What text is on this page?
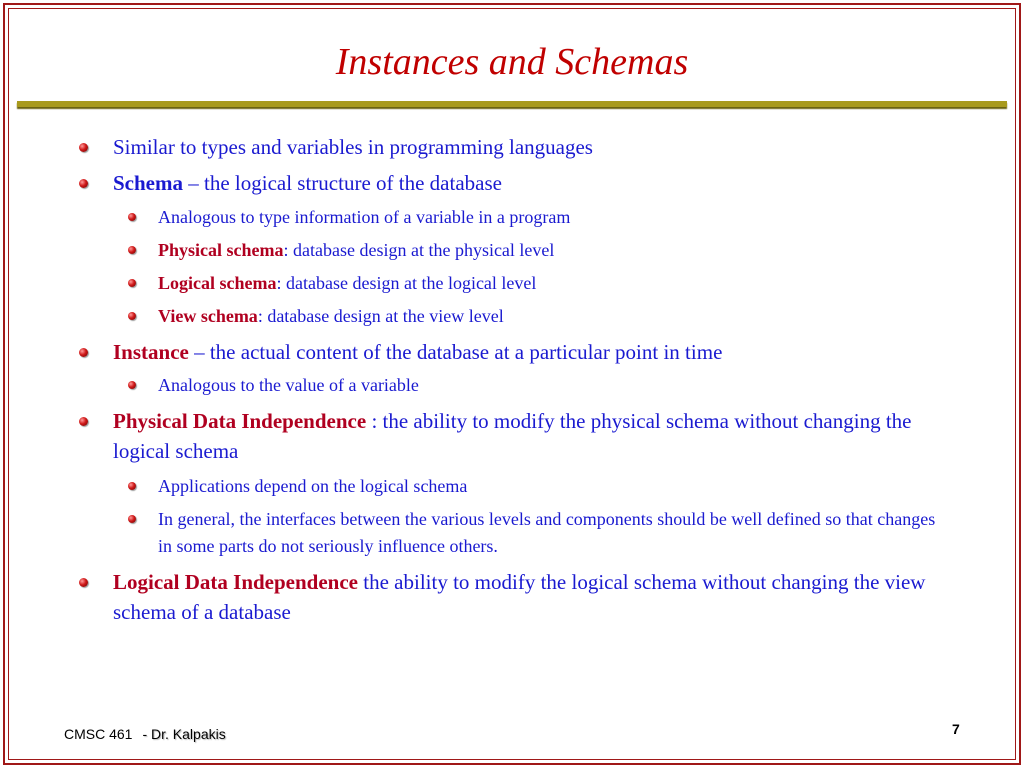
Instances and Schemas
Similar to types and variables in programming languages
Schema – the logical structure of the database
Analogous to type information of a variable in a program
Physical schema: database design at the physical level
Logical schema: database design at the logical level
View schema: database design at the view level
Instance – the actual content of the database at a particular point in time
Analogous to the value of a variable
Physical Data Independence : the ability to modify the physical schema without changing the logical schema
Applications depend on the logical schema
In general, the interfaces between the various levels and components should be well defined so that changes in some parts do not seriously influence others.
Logical Data Independence the ability to modify the logical schema without changing the view schema of a database
CMSC 461 - Dr. Kalpakis	7
